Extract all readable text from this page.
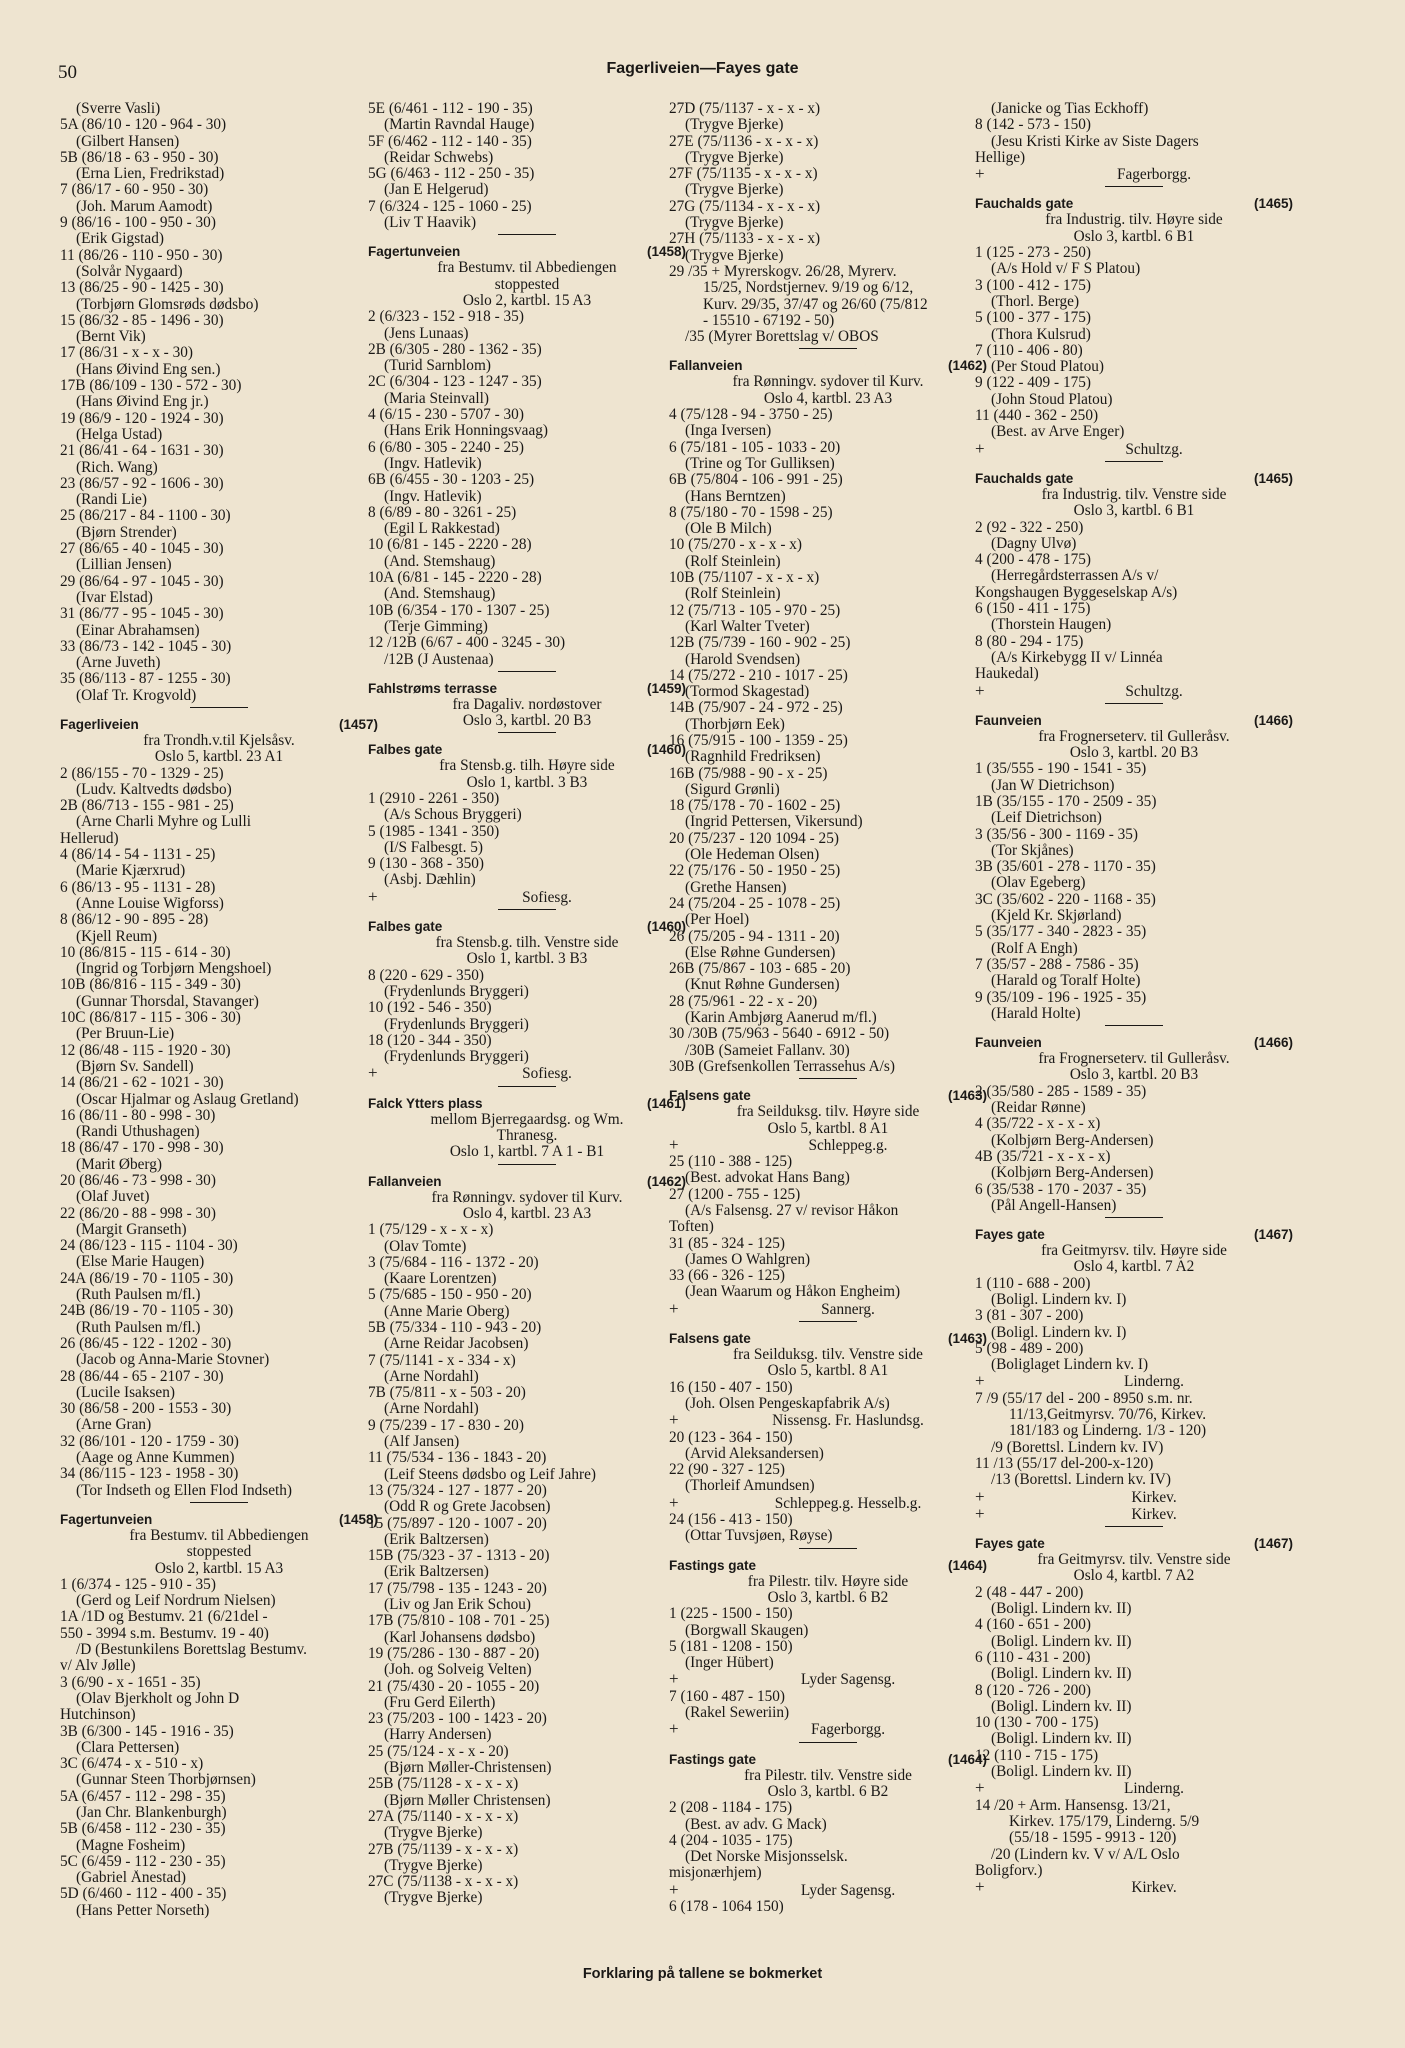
50	Fagerliveien—Fayes gate
(Sverre Vasli)
5A (86/10 - 120 - 964 - 30)
(Gilbert Hansen)
5B (86/18 - 63 - 950 - 30)
(Erna Lien, Fredrikstad)
7 (86/17 - 60 - 950 - 30)
(Joh. Marum Aamodt)
9 (86/16 - 100 - 950 - 30)
(Erik Gigstad)
11 (86/26 - 110 - 950 - 30)
(Solvår Nygaard)
13 (86/25 - 90 - 1425 - 30)
(Torbjørn Glomsrøds dødsbo)
15 (86/32 - 85 - 1496 - 30)
(Bernt Vik)
17 (86/31 - x - x - 30)
(Hans Øivind Eng sen.)
17B (86/109 - 130 - 572 - 30)
(Hans Øivind Eng jr.)
19 (86/9 - 120 - 1924 - 30)
(Helga Ustad)
21 (86/41 - 64 - 1631 - 30)
(Rich. Wang)
23 (86/57 - 92 - 1606 - 30)
(Randi Lie)
25 (86/217 - 84 - 1100 - 30)
(Bjørn Strender)
27 (86/65 - 40 - 1045 - 30)
(Lillian Jensen)
29 (86/64 - 97 - 1045 - 30)
(Ivar Elstad)
31 (86/77 - 95 - 1045 - 30)
(Einar Abrahamsen)
33 (86/73 - 142 - 1045 - 30)
(Arne Juveth)
35 (86/113 - 87 - 1255 - 30)
(Olaf Tr. Krogvold)
Fagerliveien	(1457)
fra Trondh.v.til Kjelsåsv.
Oslo 5, kartbl. 23 A1
2 (86/155 - 70 - 1329 - 25)
(Ludv. Kaltvedts dødsbo)
2B (86/713 - 155 - 981 - 25)
(Arne Charli Myhre og Lulli
Hellerud)
4 (86/14 - 54 - 1131 - 25)
(Marie Kjærxrud)
6 (86/13 - 95 - 1131 - 28)
(Anne Louise Wigforss)
8 (86/12 - 90 - 895 - 28)
(Kjell Reum)
10 (86/815 - 115 - 614 - 30)
(Ingrid og Torbjørn Mengshoel)
10B (86/816 - 115 - 349 - 30)
(Gunnar Thorsdal, Stavanger)
10C (86/817 - 115 - 306 - 30)
(Per Bruun-Lie)
12 (86/48 - 115 - 1920 - 30)
(Bjørn Sv. Sandell)
14 (86/21 - 62 - 1021 - 30)
(Oscar Hjalmar og Aslaug Gretland)
16 (86/11 - 80 - 998 - 30)
(Randi Uthushagen)
18 (86/47 - 170 - 998 - 30)
(Marit Øberg)
20 (86/46 - 73 - 998 - 30)
(Olaf Juvet)
22 (86/20 - 88 - 998 - 30)
(Margit Granseth)
24 (86/123 - 115 - 1104 - 30)
(Else Marie Haugen)
24A (86/19 - 70 - 1105 - 30)
(Ruth Paulsen m/fl.)
24B (86/19 - 70 - 1105 - 30)
(Ruth Paulsen m/fl.)
26 (86/45 - 122 - 1202 - 30)
(Jacob og Anna-Marie Stovner)
28 (86/44 - 65 - 2107 - 30)
(Lucile Isaksen)
30 (86/58 - 200 - 1553 - 30)
(Arne Gran)
32 (86/101 - 120 - 1759 - 30)
(Aage og Anne Kummen)
34 (86/115 - 123 - 1958 - 30)
(Tor Indseth og Ellen Flod Indseth)
Fagertunveien	(1458)
fra Bestumv. til Abbediengen
stoppested
Oslo 2, kartbl. 15 A3
1 (6/374 - 125 - 910 - 35)
(Gerd og Leif Nordrum Nielsen)
1A /1D og Bestumv. 21 (6/21del -
550 - 3994 s.m. Bestumv. 19 - 40)
/D (Bestunkilens Borettslag Bestumv.
v/ Alv Jølle)
3 (6/90 - x - 1651 - 35)
(Olav Bjerkholt og John D
Hutchinson)
3B (6/300 - 145 - 1916 - 35)
(Clara Pettersen)
3C (6/474 - x - 510 - x)
(Gunnar Steen Thorbjørnsen)
5A (6/457 - 112 - 298 - 35)
(Jan Chr. Blankenburgh)
5B (6/458 - 112 - 230 - 35)
(Magne Fosheim)
5C (6/459 - 112 - 230 - 35)
(Gabriel Ånestad)
5D (6/460 - 112 - 400 - 35)
(Hans Petter Norseth)
5E (6/461 - 112 - 190 - 35)
(Martin Ravndal Hauge)
5F (6/462 - 112 - 140 - 35)
(Reidar Schwebs)
5G (6/463 - 112 - 250 - 35)
(Jan E Helgerud)
7 (6/324 - 125 - 1060 - 25)
(Liv T Haavik)
Fagertunveien	(1458)
fra Bestumv. til Abbediengen
stoppested
Oslo 2, kartbl. 15 A3
2 (6/323 - 152 - 918 - 35)
(Jens Lunaas)
2B (6/305 - 280 - 1362 - 35)
(Turid Sarnblom)
2C (6/304 - 123 - 1247 - 35)
(Maria Steinvall)
4 (6/15 - 230 - 5707 - 30)
(Hans Erik Honningsvaag)
6 (6/80 - 305 - 2240 - 25)
(Ingv. Hatlevik)
6B (6/455 - 30 - 1203 - 25)
(Ingv. Hatlevik)
8 (6/89 - 80 - 3261 - 25)
(Egil L Rakkestad)
10 (6/81 - 145 - 2220 - 28)
(And. Stemshaug)
10A (6/81 - 145 - 2220 - 28)
(And. Stemshaug)
10B (6/354 - 170 - 1307 - 25)
(Terje Gimming)
12 /12B (6/67 - 400 - 3245 - 30)
/12B (J Austenaa)
Fahlstrøms terrasse	(1459)
fra Dagaliv. nordøstover
Oslo 3, kartbl. 20 B3
Falbes gate	(1460)
fra Stensb.g. tilh. Høyre side
Oslo 1, kartbl. 3 B3
1 (2910 - 2261 - 350)
(A/s Schous Bryggeri)
5 (1985 - 1341 - 350)
(I/S Falbesgt. 5)
9 (130 - 368 - 350)
(Asbj. Dæhlin)
+	Sofiesg.
Falbes gate	(1460)
fra Stensb.g. tilh. Venstre side
Oslo 1, kartbl. 3 B3
8 (220 - 629 - 350)
(Frydenlunds Bryggeri)
10 (192 - 546 - 350)
(Frydenlunds Bryggeri)
18 (120 - 344 - 350)
(Frydenlunds Bryggeri)
+	Sofiesg.
Falck Ytters plass	(1461)
mellom Bjerregaardsg. og Wm.
Thranesg.
Oslo 1, kartbl. 7 A 1 - B1
Fallanveien	(1462)
fra Rønningv. sydover til Kurv.
Oslo 4, kartbl. 23 A3
1 (75/129 - x - x - x)
(Olav Tomte)
3 (75/684 - 116 - 1372 - 20)
(Kaare Lorentzen)
5 (75/685 - 150 - 950 - 20)
(Anne Marie Oberg)
5B (75/334 - 110 - 943 - 20)
(Arne Reidar Jacobsen)
7 (75/1141 - x - 334 - x)
(Arne Nordahl)
7B (75/811 - x - 503 - 20)
(Arne Nordahl)
9 (75/239 - 17 - 830 - 20)
(Alf Jansen)
11 (75/534 - 136 - 1843 - 20)
(Leif Steens dødsbo og Leif Jahre)
13 (75/324 - 127 - 1877 - 20)
(Odd R og Grete Jacobsen)
15 (75/897 - 120 - 1007 - 20)
(Erik Baltzersen)
15B (75/323 - 37 - 1313 - 20)
(Erik Baltzersen)
17 (75/798 - 135 - 1243 - 20)
(Liv og Jan Erik Schou)
17B (75/810 - 108 - 701 - 25)
(Karl Johansens dødsbo)
19 (75/286 - 130 - 887 - 20)
(Joh. og Solveig Velten)
21 (75/430 - 20 - 1055 - 20)
(Fru Gerd Eilerth)
23 (75/203 - 100 - 1423 - 20)
(Harry Andersen)
25 (75/124 - x - x - 20)
(Bjørn Møller-Christensen)
25B (75/1128 - x - x - x)
(Bjørn Møller Christensen)
27A (75/1140 - x - x - x)
(Trygve Bjerke)
27B (75/1139 - x - x - x)
(Trygve Bjerke)
27C (75/1138 - x - x - x)
(Trygve Bjerke)
27D (75/1137 - x - x - x)
(Trygve Bjerke)
27E (75/1136 - x - x - x)
(Trygve Bjerke)
27F (75/1135 - x - x - x)
(Trygve Bjerke)
27G (75/1134 - x - x - x)
(Trygve Bjerke)
27H (75/1133 - x - x - x)
(Trygve Bjerke)
29 /35 + Myrerskogv. 26/28, Myrerv.
15/25, Nordstjernev. 9/19 og 6/12,
Kurv. 29/35, 37/47 og 26/60 (75/812
- 15510 - 67192 - 50)
/35 (Myrer Borettslag v/ OBOS
Fallanveien	(1462)
fra Rønningv. sydover til Kurv.
Oslo 4, kartbl. 23 A3
4 (75/128 - 94 - 3750 - 25)
(Inga Iversen)
6 (75/181 - 105 - 1033 - 20)
(Trine og Tor Gulliksen)
6B (75/804 - 106 - 991 - 25)
(Hans Berntzen)
8 (75/180 - 70 - 1598 - 25)
(Ole B Milch)
10 (75/270 - x - x - x)
(Rolf Steinlein)
10B (75/1107 - x - x - x)
(Rolf Steinlein)
12 (75/713 - 105 - 970 - 25)
(Karl Walter Tveter)
12B (75/739 - 160 - 902 - 25)
(Harold Svendsen)
14 (75/272 - 210 - 1017 - 25)
(Tormod Skagestad)
14B (75/907 - 24 - 972 - 25)
(Thorbjørn Eek)
16 (75/915 - 100 - 1359 - 25)
(Ragnhild Fredriksen)
16B (75/988 - 90 - x - 25)
(Sigurd Grønli)
18 (75/178 - 70 - 1602 - 25)
(Ingrid Pettersen, Vikersund)
20 (75/237 - 120 1094 - 25)
(Ole Hedeman Olsen)
22 (75/176 - 50 - 1950 - 25)
(Grethe Hansen)
24 (75/204 - 25 - 1078 - 25)
(Per Hoel)
26 (75/205 - 94 - 1311 - 20)
(Else Røhne Gundersen)
26B (75/867 - 103 - 685 - 20)
(Knut Røhne Gundersen)
28 (75/961 - 22 - x - 20)
(Karin Ambjørg Aanerud m/fl.)
30 /30B (75/963 - 5640 - 6912 - 50)
/30B (Sameiet Fallanv. 30)
30B (Grefsenkollen Terrassehus A/s)
Falsens gate	(1463)
fra Seilduksg. tilv. Høyre side
Oslo 5, kartbl. 8 A1
+	Schleppeg.g.
25 (110 - 388 - 125)
(Best. advokat Hans Bang)
27 (1200 - 755 - 125)
(A/s Falsensg. 27 v/ revisor Håkon
Toften)
31 (85 - 324 - 125)
(James O Wahlgren)
33 (66 - 326 - 125)
(Jean Waarum og Håkon Engheim)
+	Sannerg.
Falsens gate	(1463)
fra Seilduksg. tilv. Venstre side
Oslo 5, kartbl. 8 A1
16 (150 - 407 - 150)
(Joh. Olsen Pengeskapfabrik A/s)
+	Nissensg. Fr. Haslundsg.
20 (123 - 364 - 150)
(Arvid Aleksandersen)
22 (90 - 327 - 125)
(Thorleif Amundsen)
+	Schleppeg.g. Hesselb.g.
24 (156 - 413 - 150)
(Ottar Tuvsjøen, Røyse)
Fastings gate	(1464)
fra Pilestr. tilv. Høyre side
Oslo 3, kartbl. 6 B2
1 (225 - 1500 - 150)
(Borgwall Skaugen)
5 (181 - 1208 - 150)
(Inger Hübert)
+	Lyder Sagensg.
7 (160 - 487 - 150)
(Rakel Seweriin)
+	Fagerborgg.
Fastings gate	(1464)
fra Pilestr. tilv. Venstre side
Oslo 3, kartbl. 6 B2
2 (208 - 1184 - 175)
(Best. av adv. G Mack)
4 (204 - 1035 - 175)
(Det Norske Misjonsselsk.
misjonærhjem)
+	Lyder Sagensg.
6 (178 - 1064 150)
(Janicke og Tias Eckhoff)
8 (142 - 573 - 150)
(Jesu Kristi Kirke av Siste Dagers
Hellige)
+	Fagerborgg.
Fauchalds gate	(1465)
fra Industrig. tilv. Høyre side
Oslo 3, kartbl. 6 B1
1 (125 - 273 - 250)
(A/s Hold v/ F S Platou)
3 (100 - 412 - 175)
(Thorl. Berge)
5 (100 - 377 - 175)
(Thora Kulsrud)
7 (110 - 406 - 80)
(Per Stoud Platou)
9 (122 - 409 - 175)
(John Stoud Platou)
11 (440 - 362 - 250)
(Best. av Arve Enger)
+	Schultzg.
Fauchalds gate	(1465)
fra Industrig. tilv. Venstre side
Oslo 3, kartbl. 6 B1
2 (92 - 322 - 250)
(Dagny Ulvø)
4 (200 - 478 - 175)
(Herregårdsterrassen A/s v/
Kongshaugen Byggeselskap A/s)
6 (150 - 411 - 175)
(Thorstein Haugen)
8 (80 - 294 - 175)
(A/s Kirkebygg II v/ Linnéa
Haukedal)
+	Schultzg.
Faunveien	(1466)
fra Frognerseterv. til Gulleråsv.
Oslo 3, kartbl. 20 B3
1 (35/555 - 190 - 1541 - 35)
(Jan W Dietrichson)
1B (35/155 - 170 - 2509 - 35)
(Leif Dietrichson)
3 (35/56 - 300 - 1169 - 35)
(Tor Skjånes)
3B (35/601 - 278 - 1170 - 35)
(Olav Egeberg)
3C (35/602 - 220 - 1168 - 35)
(Kjeld Kr. Skjørland)
5 (35/177 - 340 - 2823 - 35)
(Rolf A Engh)
7 (35/57 - 288 - 7586 - 35)
(Harald og Toralf Holte)
9 (35/109 - 196 - 1925 - 35)
(Harald Holte)
Faunveien	(1466)
fra Frognerseterv. til Gulleråsv.
Oslo 3, kartbl. 20 B3
2 (35/580 - 285 - 1589 - 35)
(Reidar Rønne)
4 (35/722 - x - x - x)
(Kolbjørn Berg-Andersen)
4B (35/721 - x - x - x)
(Kolbjørn Berg-Andersen)
6 (35/538 - 170 - 2037 - 35)
(Pål Angell-Hansen)
Fayes gate	(1467)
fra Geitmyrsv. tilv. Høyre side
Oslo 4, kartbl. 7 A2
1 (110 - 688 - 200)
(Boligl. Lindern kv. I)
3 (81 - 307 - 200)
(Boligl. Lindern kv. I)
5 (98 - 489 - 200)
(Boliglaget Lindern kv. I)
+	Linderng.
7 /9 (55/17 del - 200 - 8950 s.m. nr.
11/13,Geitmyrsv. 70/76, Kirkev.
181/183 og Linderng. 1/3 - 120)
/9 (Borettsl. Lindern kv. IV)
11 /13 (55/17 del-200-x-120)
/13 (Borettsl. Lindern kv. IV)
+	Kirkev.
+	Kirkev.
Fayes gate	(1467)
fra Geitmyrsv. tilv. Venstre side
Oslo 4, kartbl. 7 A2
2 (48 - 447 - 200)
(Boligl. Lindern kv. II)
4 (160 - 651 - 200)
(Boligl. Lindern kv. II)
6 (110 - 431 - 200)
(Boligl. Lindern kv. II)
8 (120 - 726 - 200)
(Boligl. Lindern kv. II)
10 (130 - 700 - 175)
(Boligl. Lindern kv. II)
12 (110 - 715 - 175)
(Boligl. Lindern kv. II)
+	Linderng.
14 /20 + Arm. Hansensg. 13/21,
Kirkev. 175/179, Linderng. 5/9
(55/18 - 1595 - 9913 - 120)
/20 (Lindern kv. V v/ A/L Oslo
Boligforv.)
+	Kirkev.
Forklaring på tallene se bokmerket
